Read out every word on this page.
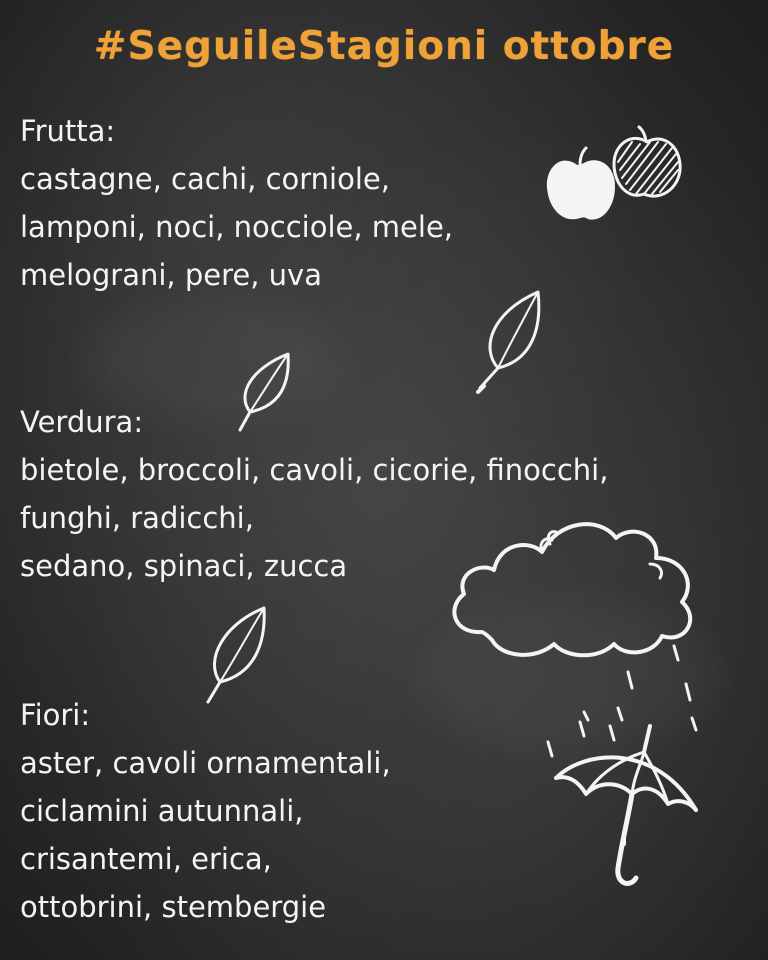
#SeguileStagioni ottobre
Frutta:
castagne, cachi, corniole,
lamponi, noci, nocciole, mele,
melograni, pere, uva
Verdura:
bietole, broccoli, cavoli, cicorie, finocchi,
funghi, radicchi,
sedano, spinaci, zucca
Fiori:
aster, cavoli ornamentali,
ciclamini autunnali,
crisantemi, erica,
ottobrini, stembergie
